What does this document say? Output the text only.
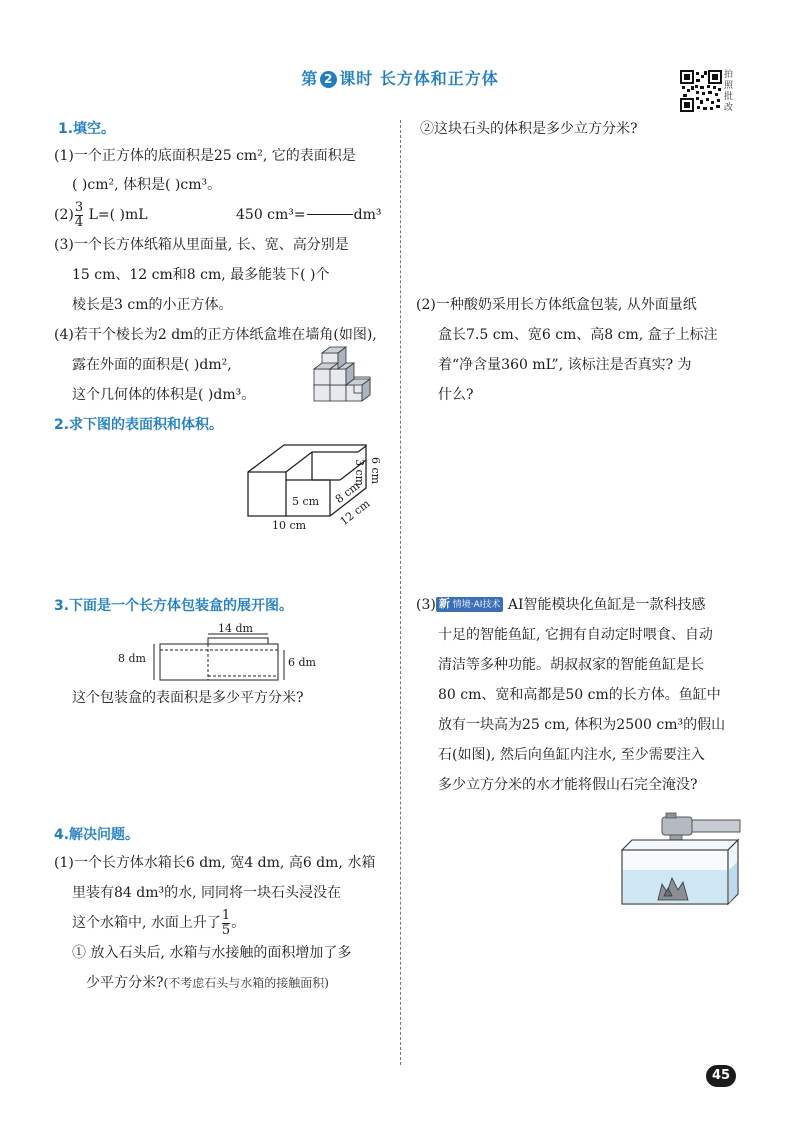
第 2 课时 长方体和正方体	拍照批改
1.填空。
(1)一个正方体的底面积是25 cm², 它的表面积是
( )cm², 体积是( )cm³。
$(2) \frac{3}{4} L=$( )mL	450 cm³=

	dm³
(3)一个长方体纸箱从里面量, 长、宽、高分别是
15 cm、12 cm和8 cm, 最多能装下( )个
棱长是3 cm的小正方体。
(4)若干个棱长为2 dm的正方体纸盒堆在墙角(如图),
露在外面的面积是( )dm²,
这个几何体的体积是( )dm³。
2.求下图的表面积和体积。
10 cm
5 cm 8 cm
12 cm
3 cm 6 cm
3.下面是一个长方体包装盒的展开图。
14 dm
8 dm	6 dm
这个包装盒的表面积是多少平方分米?
4.解决问题。
(1)一个长方体水箱长6 dm, 宽4 dm, 高6 dm, 水箱
里装有84 dm³的水, 同同将一块石头浸没在
这个水箱中, 水面上升了 $\frac{1}{5}$ 。
① 放入石头后, 水箱与水接触的面积增加了多
少平方分米?(不考虑石头与水箱的接触面积)
②这块石头的体积是多少立方分米?
(2)一种酸奶采用长方体纸盒包装, 从外面量纸
盒长7.5 cm、宽6 cm、高8 cm, 盒子上标注
着“净含量360 mL”, 该标注是否真实? 为
什么?
(3) 新 情境·AI技术 AI智能模块化鱼缸是一款科技感
十足的智能鱼缸, 它拥有自动定时喂食、自动
清洁等多种功能。胡叔叔家的智能鱼缸是长
80 cm、宽和高都是50 cm的长方体。鱼缸中
放有一块高为25 cm, 体积为2500 cm³的假山
石(如图), 然后向鱼缸内注水, 至少需要注入
多少立方分米的水才能将假山石完全淹没?
45
